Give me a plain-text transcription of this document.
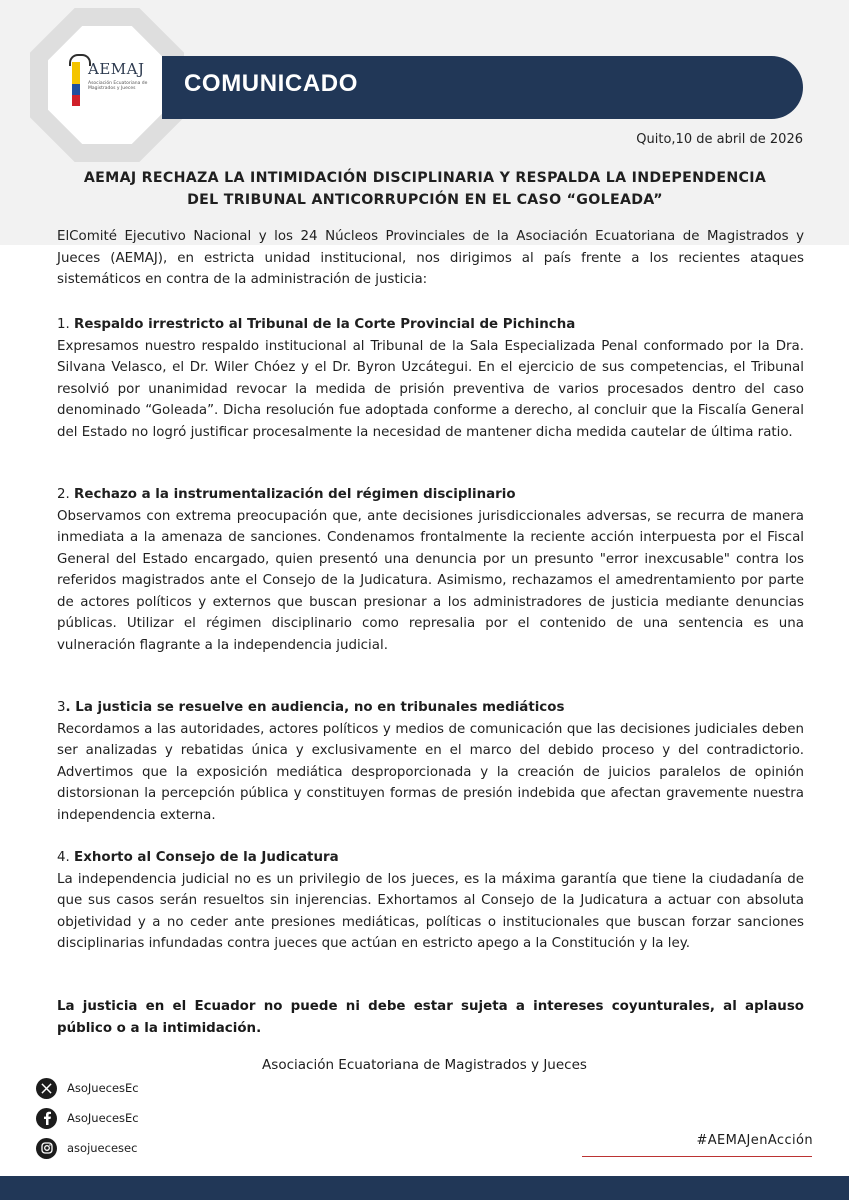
AEMAJ
Asociación Ecuatoriana de Magistrados y Jueces	COMUNICADO
Quito,10 de abril de 2026
AEMAJ RECHAZA LA INTIMIDACIÓN DISCIPLINARIA Y RESPALDA LA INDEPENDENCIA
DEL TRIBUNAL ANTICORRUPCIÓN EN EL CASO “GOLEADA”
ElComité Ejecutivo Nacional y los 24 Núcleos Provinciales de la Asociación Ecuatoriana de Magistrados y Jueces (AEMAJ), en estricta unidad institucional, nos dirigimos al país frente a los recientes ataques sistemáticos en contra de la administración de justicia:
1. Respaldo irrestricto al Tribunal de la Corte Provincial de Pichincha
Expresamos nuestro respaldo institucional al Tribunal de la Sala Especializada Penal conformado por la Dra. Silvana Velasco, el Dr. Wiler Chóez y el Dr. Byron Uzcátegui. En el ejercicio de sus competencias, el Tribunal resolvió por unanimidad revocar la medida de prisión preventiva de varios procesados dentro del caso denominado “Goleada”. Dicha resolución fue adoptada conforme a derecho, al concluir que la Fiscalía General del Estado no logró justificar procesalmente la necesidad de mantener dicha medida cautelar de última ratio.
2. Rechazo a la instrumentalización del régimen disciplinario
Observamos con extrema preocupación que, ante decisiones jurisdiccionales adversas, se recurra de manera inmediata a la amenaza de sanciones. Condenamos frontalmente la reciente acción interpuesta por el Fiscal General del Estado encargado, quien presentó una denuncia por un presunto "error inexcusable" contra los referidos magistrados ante el Consejo de la Judicatura. Asimismo, rechazamos el amedrentamiento por parte de actores políticos y externos que buscan presionar a los administradores de justicia mediante denuncias públicas. Utilizar el régimen disciplinario como represalia por el contenido de una sentencia es una vulneración flagrante a la independencia judicial.
3. La justicia se resuelve en audiencia, no en tribunales mediáticos
Recordamos a las autoridades, actores políticos y medios de comunicación que las decisiones judiciales deben ser analizadas y rebatidas única y exclusivamente en el marco del debido proceso y del contradictorio. Advertimos que la exposición mediática desproporcionada y la creación de juicios paralelos de opinión distorsionan la percepción pública y constituyen formas de presión indebida que afectan gravemente nuestra independencia externa.
4. Exhorto al Consejo de la Judicatura
La independencia judicial no es un privilegio de los jueces, es la máxima garantía que tiene la ciudadanía de que sus casos serán resueltos sin injerencias. Exhortamos al Consejo de la Judicatura a actuar con absoluta objetividad y a no ceder ante presiones mediáticas, políticas o institucionales que buscan forzar sanciones disciplinarias infundadas contra jueces que actúan en estricto apego a la Constitución y la ley.
La justicia en el Ecuador no puede ni debe estar sujeta a intereses coyunturales, al aplauso público o a la intimidación.
Asociación Ecuatoriana de Magistrados y Jueces
AsoJuecesEc
AsoJuecesEc
asojuecesec	#AEMAJenAcción
